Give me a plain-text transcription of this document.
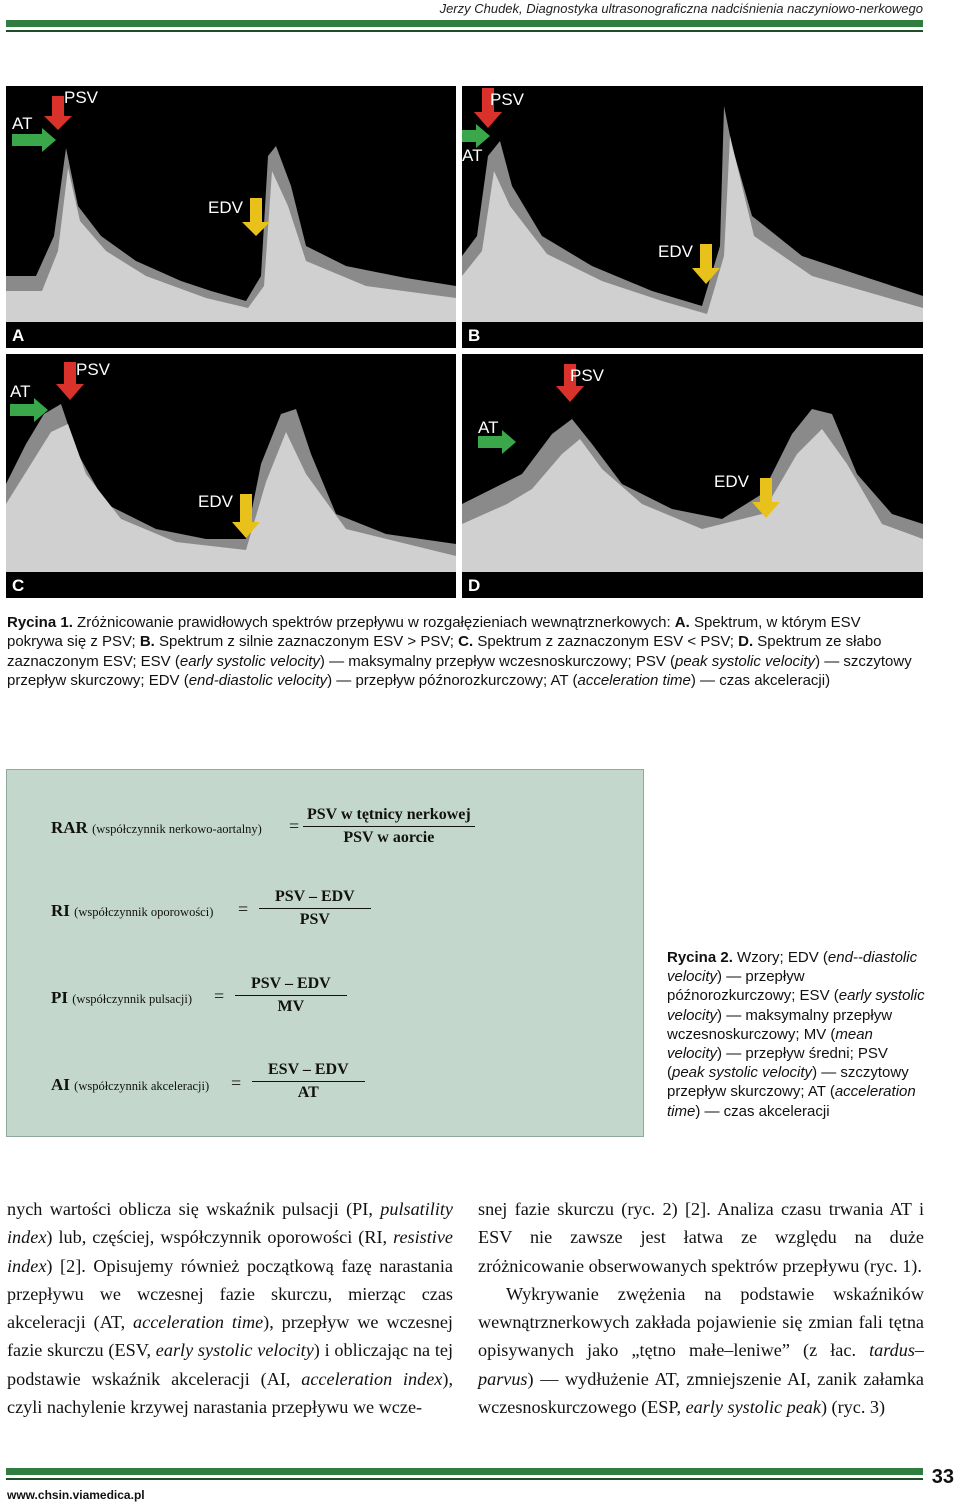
Jerzy Chudek, Diagnostyka ultrasonograficzna nadciśnienia naczyniowo-nerkowego
AT
PSV
EDV
A
PSV
AT
EDV
B
AT
PSV
EDV
C
PSV
AT
EDV
D
Rycina 1. Zróżnicowanie prawidłowych spektrów przepływu w rozgałęzieniach wewnątrznerkowych: A. Spektrum, w którym ESV pokrywa się z PSV; B. Spektrum z silnie zaznaczonym ESV > PSV; C. Spektrum z zaznaczonym ESV < PSV; D. Spektrum ze słabo zaznaczonym ESV; ESV (early systolic velocity) — maksymalny przepływ wczesnoskurczowy; PSV (peak systolic velocity) — szczytowy przepływ skurczowy; EDV (end-diastolic velocity) — przepływ późnorozkurczowy; AT (acceleration time) — czas akceleracji)
RAR (współczynnik nerkowo-aortalny) =
PSV w tętnicy nerkowej
PSV w aorcie
RI (współczynnik oporowości) =
PSV – EDV
PSV
PI (współczynnik pulsacji) =
PSV – EDV
MV
AI (współczynnik akceleracji) =
ESV – EDV
AT
Rycina 2. Wzory; EDV (end--diastolic velocity) — przepływ późnorozkurczowy; ESV (early systolic velocity) — maksymalny przepływ wczesnoskurczowy; MV (mean velocity) — przepływ średni; PSV (peak systolic velocity) — szczytowy przepływ skurczowy; AT (acceleration time) — czas akceleracji

nych wartości oblicza się wskaźnik pulsacji (PI, pulsatility index) lub, częściej, współczynnik oporowości (RI, resistive index) [2]. Opisujemy również początkową fazę narastania przepływu we wczesnej fazie skurczu, mierząc czas akceleracji (AT, acceleration time), przepływ we wczesnej fazie skurczu (ESV, early systolic velocity) i obliczając na tej podstawie wskaźnik akceleracji (AI, acceleration index), czyli nachylenie krzywej narastania przepływu we wcze-

snej fazie skurczu (ryc. 2) [2]. Analiza czasu trwania AT i ESV nie zawsze jest łatwa ze względu na duże zróżnicowanie obserwowanych spektrów przepływu (ryc. 1).

Wykrywanie zwężenia na podstawie wskaźników wewnątrznerkowych zakłada pojawienie się zmian fali tętna opisywanych jako „tętno małe–leniwe” (z łac. tardus–parvus) — wydłużenie AT, zmniejszenie AI, zanik załamka wczesnoskurczowego (ESP, early systolic peak) (ryc. 3)

www.chsin.viamedica.pl
33
